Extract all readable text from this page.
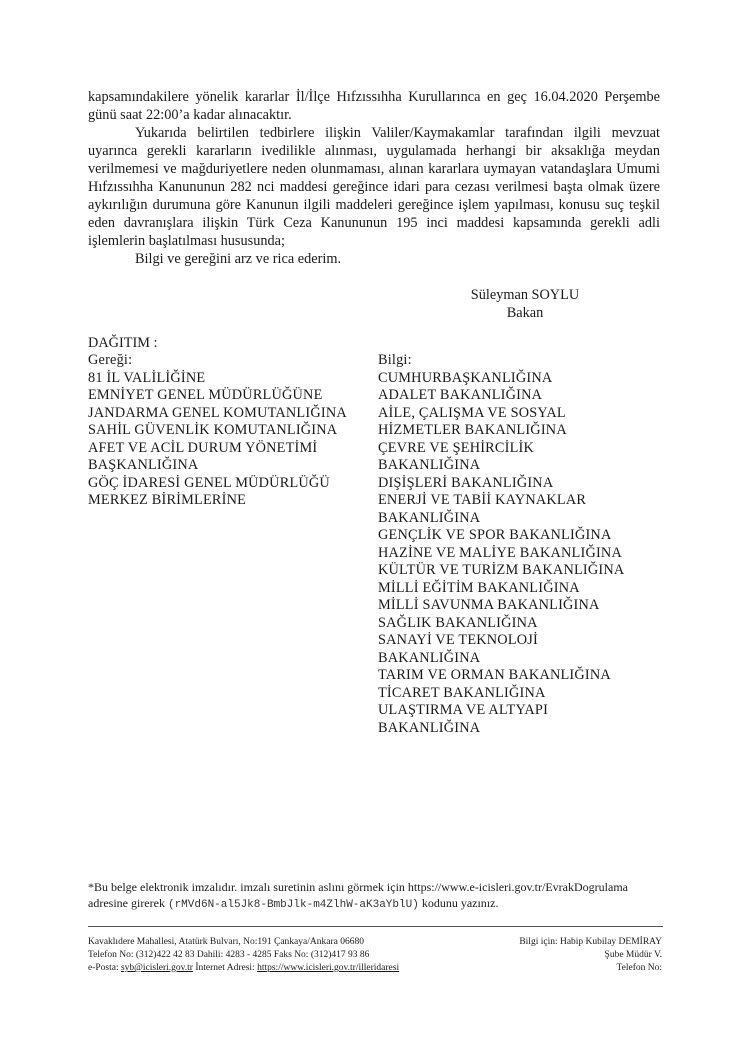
kapsamındakilere yönelik kararlar İl/İlçe Hıfzıssıhha Kurullarınca en geç 16.04.2020 Perşembe günü saat 22:00’a kadar alınacaktır.

Yukarıda belirtilen tedbirlere ilişkin Valiler/Kaymakamlar tarafından ilgili mevzuat uyarınca gerekli kararların ivedilikle alınması, uygulamada herhangi bir aksaklığa meydan verilmemesi ve mağduriyetlere neden olunmaması, alınan kararlara uymayan vatandaşlara Umumi Hıfzıssıhha Kanununun 282 nci maddesi gereğince idari para cezası verilmesi başta olmak üzere aykırılığın durumuna göre Kanunun ilgili maddeleri gereğince işlem yapılması, konusu suç teşkil eden davranışlara ilişkin Türk Ceza Kanununun 195 inci maddesi kapsamında gerekli adli işlemlerin başlatılması hususunda;

Bilgi ve gereğini arz ve rica ederim.

Süleyman SOYLU
Bakan
DAĞITIM :
Gereği:
81 İL VALİLİĞİNE
EMNİYET GENEL MÜDÜRLÜĞÜNE
JANDARMA GENEL KOMUTANLIĞINA
SAHİL GÜVENLİK KOMUTANLIĞINA
AFET VE ACİL DURUM YÖNETİMİ
BAŞKANLIĞINA
GÖÇ İDARESİ GENEL MÜDÜRLÜĞÜ
MERKEZ BİRİMLERİNE
Bilgi:
CUMHURBAŞKANLIĞINA
ADALET BAKANLIĞINA
AİLE, ÇALIŞMA VE SOSYAL
HİZMETLER BAKANLIĞINA
ÇEVRE VE ŞEHİRCİLİK
BAKANLIĞINA
DIŞİŞLERİ BAKANLIĞINA
ENERJİ VE TABİİ KAYNAKLAR
BAKANLIĞINA
GENÇLİK VE SPOR BAKANLIĞINA
HAZİNE VE MALİYE BAKANLIĞINA
KÜLTÜR VE TURİZM BAKANLIĞINA
MİLLİ EĞİTİM BAKANLIĞINA
MİLLİ SAVUNMA BAKANLIĞINA
SAĞLIK BAKANLIĞINA
SANAYİ VE TEKNOLOJİ
BAKANLIĞINA
TARIM VE ORMAN BAKANLIĞINA
TİCARET BAKANLIĞINA
ULAŞTIRMA VE ALTYAPI
BAKANLIĞINA
*Bu belge elektronik imzalıdır. imzalı suretinin aslını görmek için https://www.e-icisleri.gov.tr/EvrakDogrulama
adresine girerek (rMVd6N-al5Jk8-BmbJlk-m4ZlhW-aK3aYblU) kodunu yazınız.
Kavaklıdere Mahallesi, Atatürk Bulvarı, No:191 Çankaya/Ankara 06680
Telefon No: (312)422 42 83 Dahili: 4283 - 4285 Faks No: (312)417 93 86
e-Posta: syb@icisleri.gov.tr İnternet Adresi: https://www.icisleri.gov.tr/illeridaresi
Bilgi için: Habip Kubilay DEMİRAY
Şube Müdür V.
Telefon No:
